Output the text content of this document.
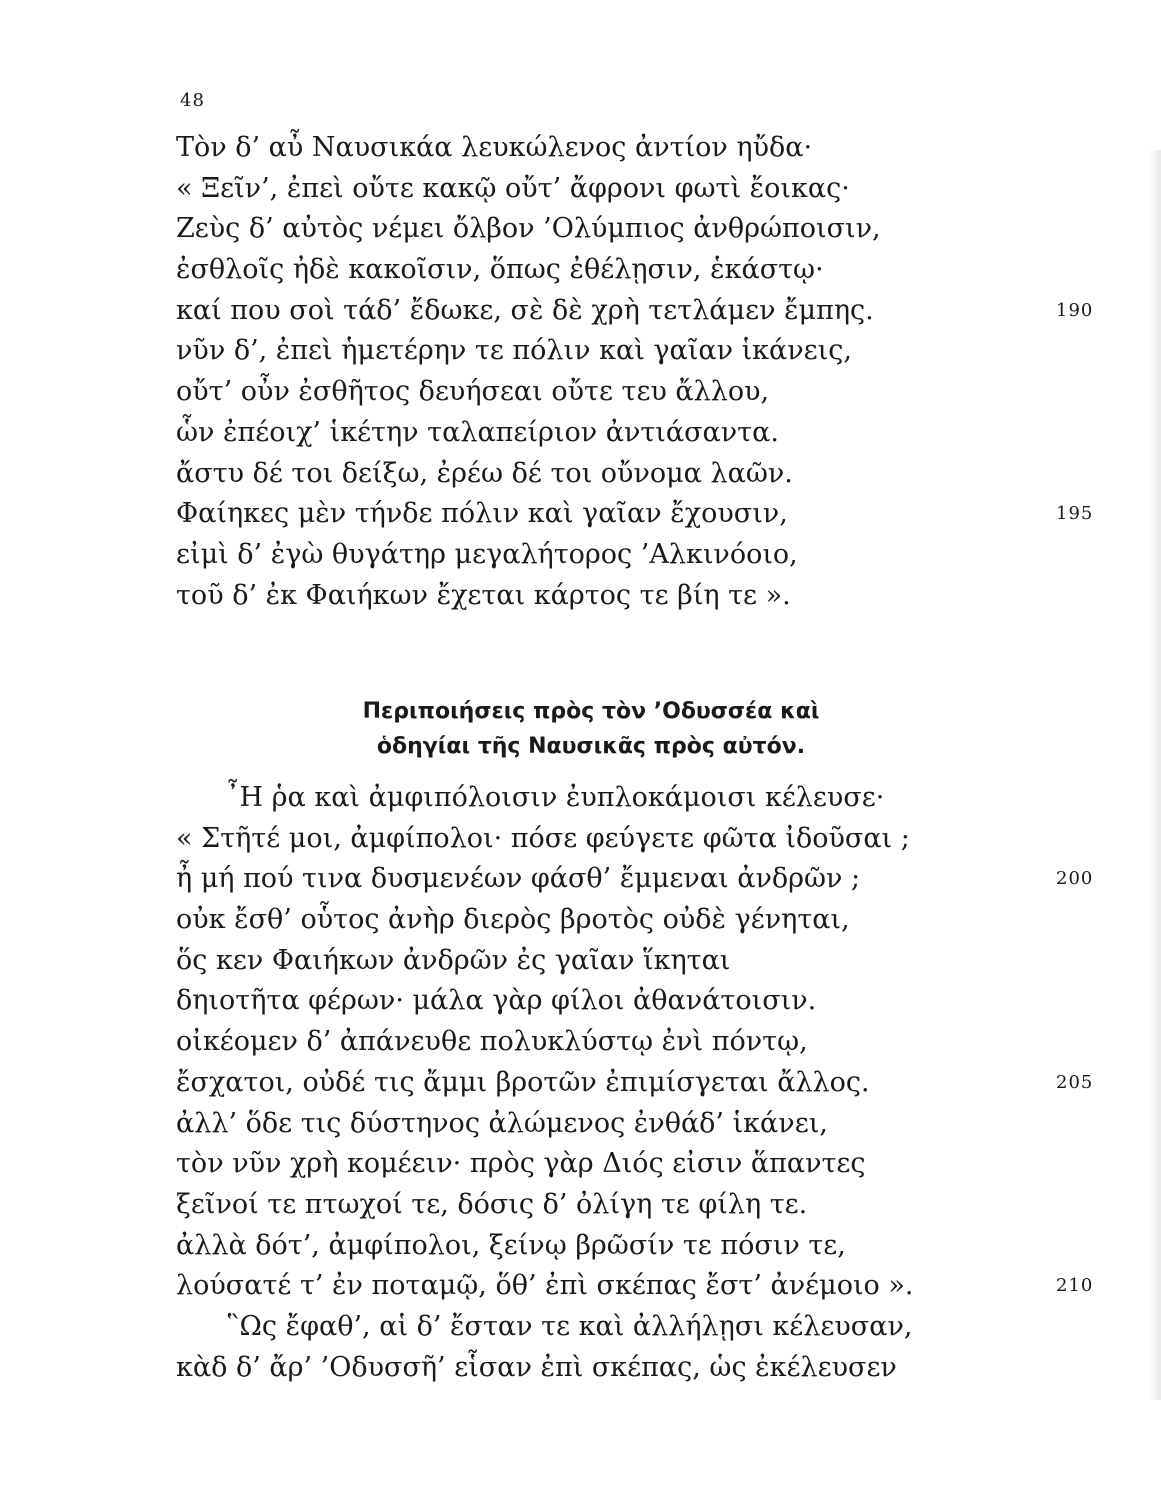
48
Τὸν δ’ αὖ Ναυσικάα λευκώλενος ἀντίον ηὔδα·
« Ξεῖν’, ἐπεὶ οὔτε κακῷ οὔτ’ ἄφρονι φωτὶ ἔοικας·
Ζεὺς δ’ αὐτὸς νέμει ὄλβον ’Ολύμπιος ἀνθρώποισιν,
ἐσθλοῖς ἠδὲ κακοῖσιν, ὅπως ἐθέλῃσιν, ἑκάστῳ·
καί που σοὶ τάδ’ ἔδωκε, σὲ δὲ χρὴ τετλάμεν ἔμπης.	190
νῦν δ’, ἐπεὶ ἡμετέρην τε πόλιν καὶ γαῖαν ἱκάνεις,
οὔτ’ οὖν ἐσθῆτος δευήσεαι οὔτε τευ ἄλλου,
ὧν ἐπέοιχ’ ἱκέτην ταλαπείριον ἀντιάσαντα.
ἄστυ δέ τοι δείξω, ἐρέω δέ τοι οὔνομα λαῶν.
Φαίηκες μὲν τήνδε πόλιν καὶ γαῖαν ἔχουσιν,	195
εἰμὶ δ’ ἐγὼ θυγάτηρ μεγαλήτορος ’Αλκινόοιο,
τοῦ δ’ ἐκ Φαιήκων ἔχεται κάρτος τε βίη τε ».
Περιποιήσεις πρὸς τὸν ’Οδυσσέα καὶ
ὁδηγίαι τῆς Ναυσικᾶς πρὸς αὐτόν.
῏Η ῥα καὶ ἀμφιπόλοισιν ἐυπλοκάμοισι κέλευσε·
« Στῆτέ μοι, ἀμφίπολοι· πόσε φεύγετε φῶτα ἰδοῦσαι ;
ἦ μή πού τινα δυσμενέων φάσθ’ ἔμμεναι ἀνδρῶν ;	200
οὐκ ἔσθ’ οὗτος ἀνὴρ διερὸς βροτὸς οὐδὲ γένηται,
ὅς κεν Φαιήκων ἀνδρῶν ἐς γαῖαν ἵκηται
δηιοτῆτα φέρων· μάλα γὰρ φίλοι ἀθανάτοισιν.
οἰκέομεν δ’ ἀπάνευθε πολυκλύστῳ ἐνὶ πόντῳ,
ἔσχατοι, οὐδέ τις ἄμμι βροτῶν ἐπιμίσγεται ἄλλος.	205
ἀλλ’ ὅδε τις δύστηνος ἀλώμενος ἐνθάδ’ ἱκάνει,
τὸν νῦν χρὴ κομέειν· πρὸς γὰρ Διός εἰσιν ἅπαντες
ξεῖνοί τε πτωχοί τε, δόσις δ’ ὀλίγη τε φίλη τε.
ἀλλὰ δότ’, ἀμφίπολοι, ξείνῳ βρῶσίν τε πόσιν τε,
λούσατέ τ’ ἐν ποταμῷ, ὅθ’ ἐπὶ σκέπας ἔστ’ ἀνέμοιο ».	210
῝Ως ἔφαθ’, αἱ δ’ ἔσταν τε καὶ ἀλλήλῃσι κέλευσαν,
κὰδ δ’ ἄρ’ ’Οδυσσῆ’ εἷσαν ἐπὶ σκέπας, ὡς ἐκέλευσεν
